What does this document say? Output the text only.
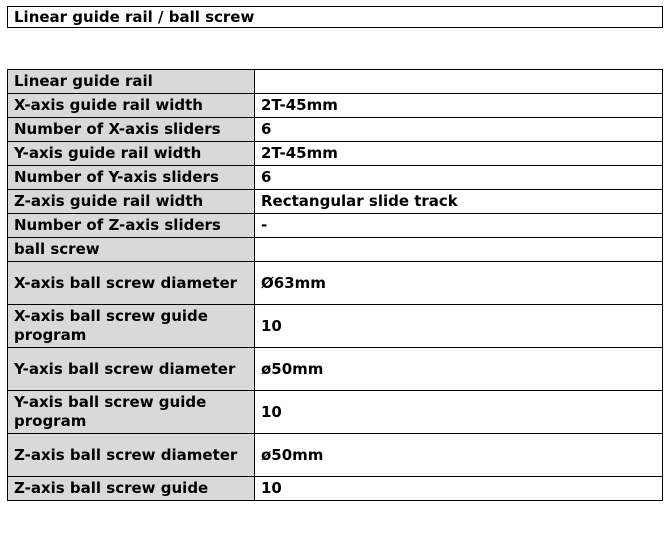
Linear guide rail / ball screw
Linear guide rail	
X-axis guide rail width	2T-45mm
Number of X-axis sliders	6
Y-axis guide rail width	2T-45mm
Number of Y-axis sliders	6
Z-axis guide rail width	Rectangular slide track
Number of Z-axis sliders	-
ball screw	
X-axis ball screw diameter	Ø63mm
X-axis ball screw guide program	10
Y-axis ball screw diameter	ø50mm
Y-axis ball screw guide program	10
Z-axis ball screw diameter	ø50mm
Z-axis ball screw guide	10
